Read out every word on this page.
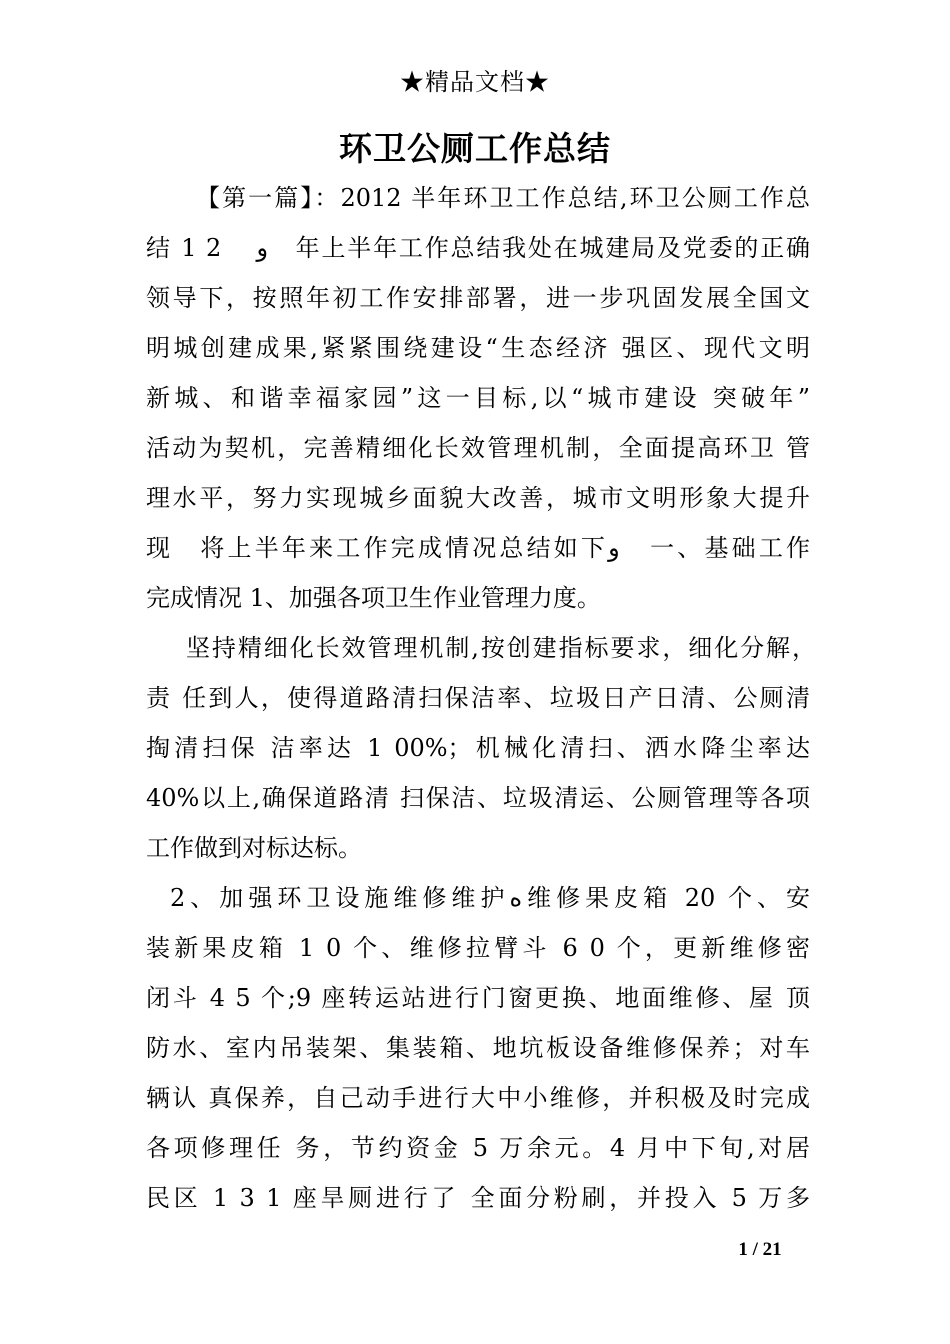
★精品文档★
环卫公厕工作总结
【第一篇】：2012 半年环卫工作总结,环卫公厕工作总
结 1 2 　ﻭ　年上半年工作总结我处在城建局及党委的正确
领导下，按照年初工作安排部署，进一步巩固发展全国文
明城创建成果,紧紧围绕建设“生态经济 强区、现代文明
新城、和谐幸福家园”这一目标,以“城市建设 突破年”
活动为契机，完善精细化长效管理机制，全面提高环卫 管
理水平，努力实现城乡面貌大改善，城市文明形象大提升
现　将上半年来工作完成情况总结如下ﻭ　一、基础工作
完成情况 1、加强各项卫生作业管理力度。
坚持精细化长效管理机制,按创建指标要求，细化分解，
责 任到人，使得道路清扫保洁率、垃圾日产日清、公厕清
掏清扫保 洁率达 1 00%；机械化清扫、洒水降尘率达
40%以上,确保道路清 扫保洁、垃圾清运、公厕管理等各项
工作做到对标达标。
2、加强环卫设施维修维护ﻩ维修果皮箱 20 个、安
装新果皮箱 1 0 个、维修拉臂斗 6 0 个，更新维修密
闭斗 4 5 个;9 座转运站进行门窗更换、地面维修、屋 顶
防水、室内吊装架、集装箱、地坑板设备维修保养；对车
辆认 真保养，自己动手进行大中小维修，并积极及时完成
各项修理任 务，节约资金 5 万余元。4 月中下旬,对居
民区 1 3 1 座旱厕进行了 全面分粉刷，并投入 5 万多
1 / 21
